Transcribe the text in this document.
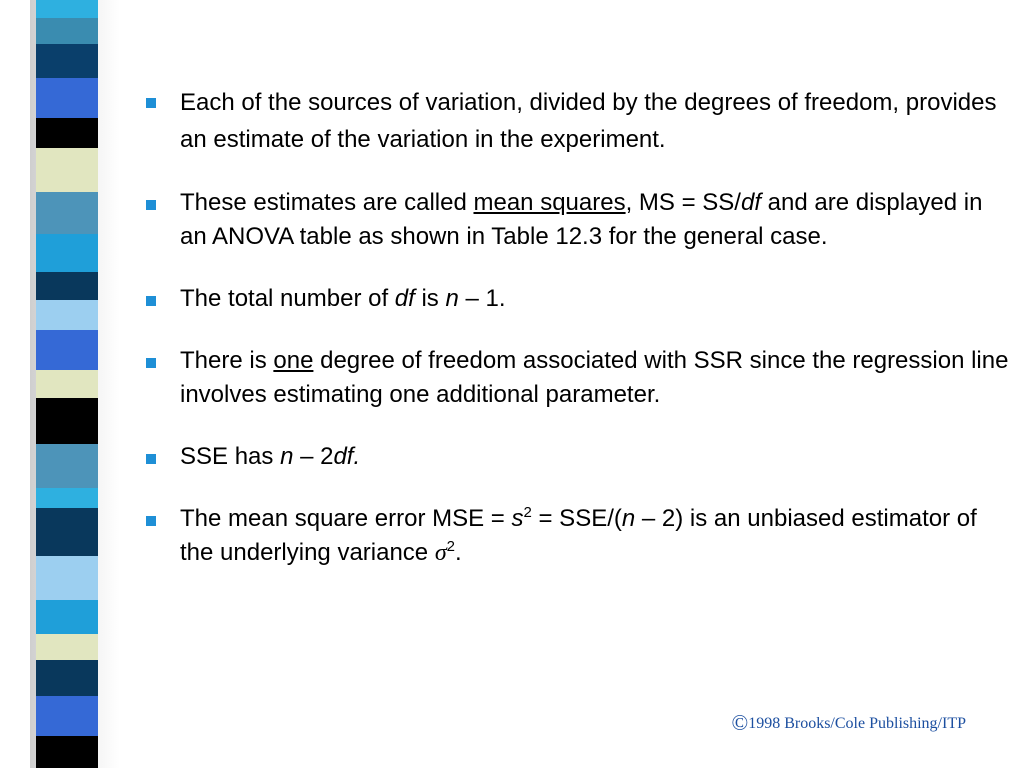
Each of the sources of variation, divided by the degrees of freedom, provides an estimate of the variation in the experiment.
These estimates are called mean squares, MS = SS/df and are displayed in an ANOVA table as shown in Table 12.3 for the general case.
The total number of df is n – 1.
There is one degree of freedom associated with SSR since the regression line involves estimating one additional parameter.
SSE has n – 2df.
The mean square error MSE = $s^2 = SSE/(n - 2)$ is an unbiased estimator of the underlying variance $\sigma^2$.
©1998 Brooks/Cole Publishing/ITP
